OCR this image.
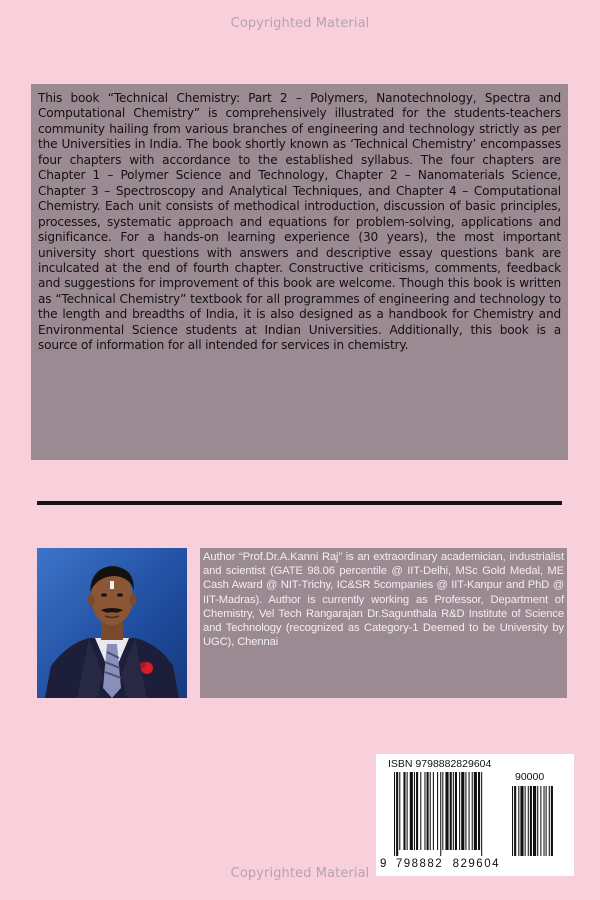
Copyrighted Material

This book “Technical Chemistry: Part 2 – Polymers, Nanotechnology, Spectra and Computational Chemistry” is comprehensively illustrated for the students-teachers community hailing from various branches of engineering and technology strictly as per the Universities in India. The book shortly known as ‘Technical Chemistry’ encompasses four chapters with accordance to the established syllabus. The four chapters are Chapter 1 – Polymer Science and Technology, Chapter 2 – Nanomaterials Science, Chapter 3 – Spectroscopy and Analytical Techniques, and Chapter 4 – Computational Chemistry. Each unit consists of methodical introduction, discussion of basic principles, processes, systematic approach and equations for problem-solving, applications and significance. For a hands-on learning experience (30 years), the most important university short questions with answers and descriptive essay questions bank are inculcated at the end of fourth chapter. Constructive criticisms, comments, feedback and suggestions for improvement of this book are welcome. Though this book is written as “Technical Chemistry” textbook for all programmes of engineering and technology to the length and breadths of India, it is also designed as a handbook for Chemistry and Environmental Science students at Indian Universities. Additionally, this book is a source of information for all intended for services in chemistry.

Author “Prof.Dr.A.Kanni Raj” is an extraordinary academician, industrialist and scientist (GATE 98.06 percentile @ IIT-Delhi, MSc Gold Medal, ME Cash Award @ NIT-Trichy, IC&SR 5companies @ IIT-Kanpur and PhD @ IIT-Madras). Author is currently working as Professor, Department of Chemistry, Vel Tech Rangarajan Dr.Sagunthala R&D Institute of Science and Technology (recognized as Category-1 Deemed to be University by UGC), Chennai

ISBN 9798882829604
90000
9 798882 829604
Copyrighted Material
